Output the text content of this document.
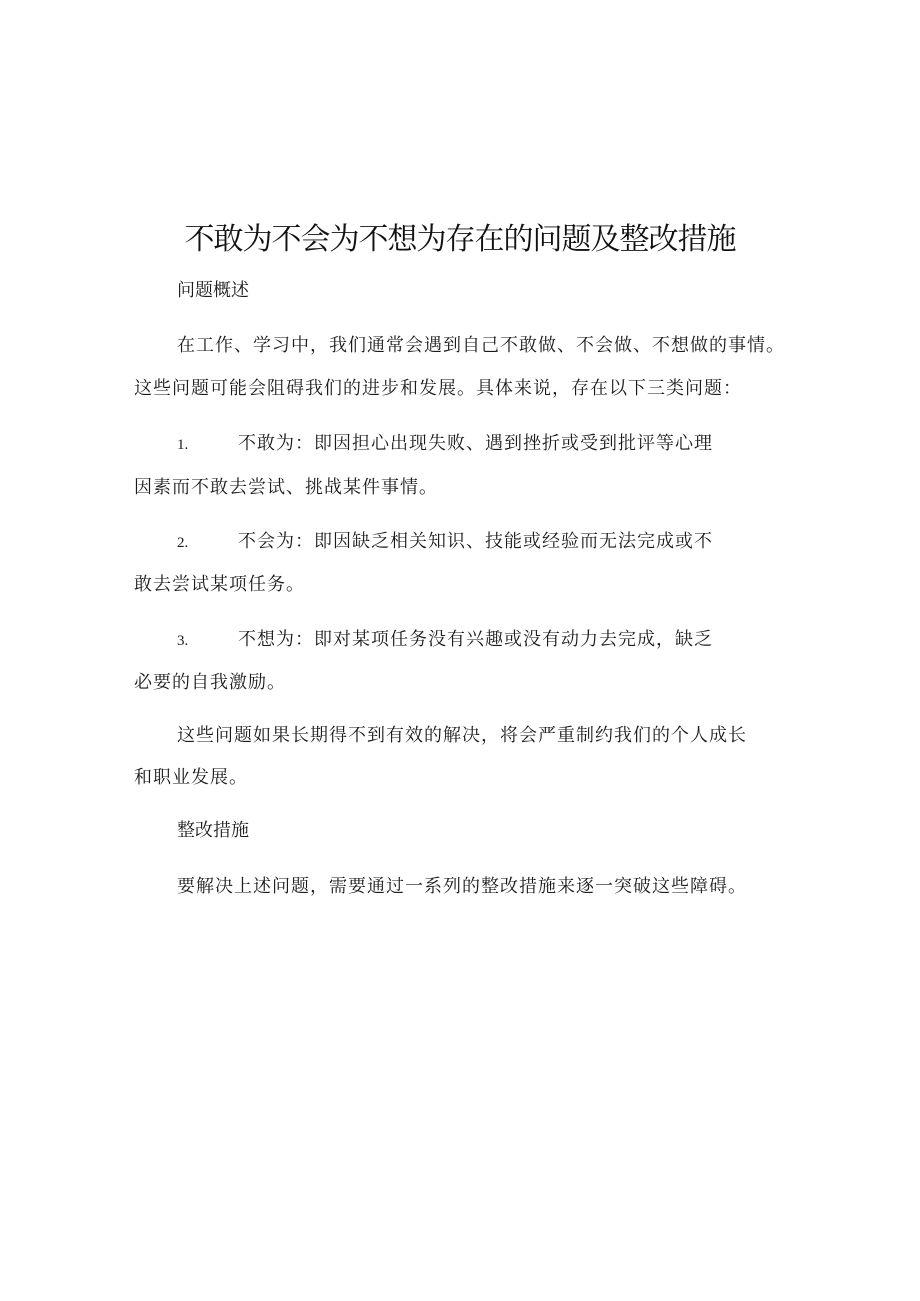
不敢为不会为不想为存在的问题及整改措施
问题概述
在工作、学习中，我们通常会遇到自己不敢做、不会做、不想做的事情。
这些问题可能会阻碍我们的进步和发展。具体来说，存在以下三类问题：
1.	不敢为：即因担心出现失败、遇到挫折或受到批评等心理
因素而不敢去尝试、挑战某件事情。
2.	不会为：即因缺乏相关知识、技能或经验而无法完成或不
敢去尝试某项任务。
3.	不想为：即对某项任务没有兴趣或没有动力去完成，缺乏
必要的自我激励。
这些问题如果长期得不到有效的解决，将会严重制约我们的个人成长
和职业发展。
整改措施
要解决上述问题，需要通过一系列的整改措施来逐一突破这些障碍。
